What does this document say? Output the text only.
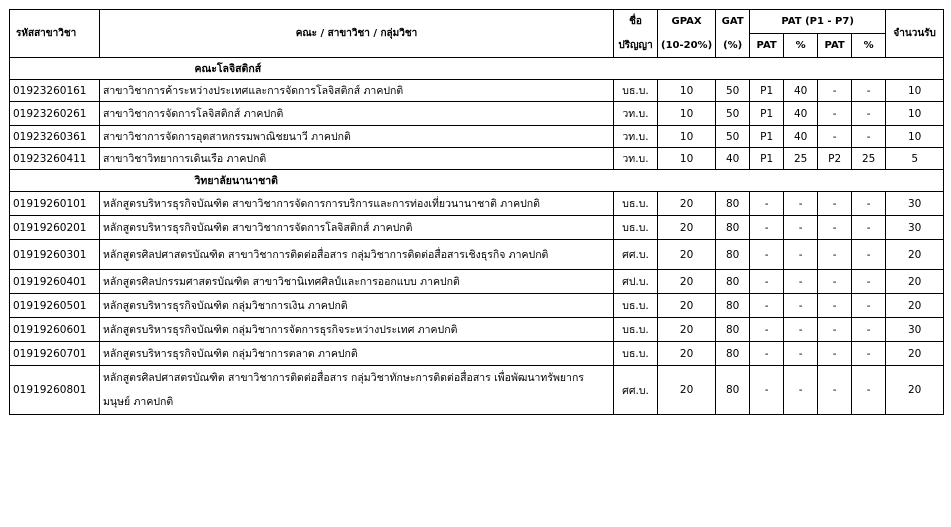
รหัสสาขาวิชา	คณะ / สาขาวิชา / กลุ่มวิชา	ชื่อ	GPAX	GAT	PAT (P1 - P7)				จำนวนรับ
		ปริญญา	(10-20%)	(%)	PAT	%	PAT	%	
	คณะโลจิสติกส์								
01923260161	สาขาวิชาการค้าระหว่างประเทศและการจัดการโลจิสติกส์ ภาคปกติ	บธ.บ.	10	50	P1	40	-	-	10
01923260261	สาขาวิชาการจัดการโลจิสติกส์ ภาคปกติ	วท.บ.	10	50	P1	40	-	-	10
01923260361	สาขาวิชาการจัดการอุตสาหกรรมพาณิชยนาวี ภาคปกติ	วท.บ.	10	50	P1	40	-	-	10
01923260411	สาขาวิชาวิทยาการเดินเรือ ภาคปกติ	วท.บ.	10	40	P1	25	P2	25	5
	วิทยาลัยนานาชาติ								
01919260101	หลักสูตรบริหารธุรกิจบัณฑิต สาขาวิชาการจัดการการบริการและการท่องเที่ยวนานาชาติ ภาคปกติ	บธ.บ.	20	80	-	-	-	-	30
01919260201	หลักสูตรบริหารธุรกิจบัณฑิต สาขาวิชาการจัดการโลจิสติกส์ ภาคปกติ	บธ.บ.	20	80	-	-	-	-	30
01919260301	หลักสูตรศิลปศาสตรบัณฑิต สาขาวิชาการติดต่อสื่อสาร กลุ่มวิชาการติดต่อสื่อสารเชิงธุรกิจ ภาคปกติ	ศศ.บ.	20	80	-	-	-	-	20
01919260401	หลักสูตรศิลปกรรมศาสตรบัณฑิต สาขาวิชานิเทศศิลป์และการออกแบบ ภาคปกติ	ศป.บ.	20	80	-	-	-	-	20
01919260501	หลักสูตรบริหารธุรกิจบัณฑิต กลุ่มวิชาการเงิน ภาคปกติ	บธ.บ.	20	80	-	-	-	-	20
01919260601	หลักสูตรบริหารธุรกิจบัณฑิต กลุ่มวิชาการจัดการธุรกิจระหว่างประเทศ ภาคปกติ	บธ.บ.	20	80	-	-	-	-	30
01919260701	หลักสูตรบริหารธุรกิจบัณฑิต กลุ่มวิชาการตลาด ภาคปกติ	บธ.บ.	20	80	-	-	-	-	20
01919260801	หลักสูตรศิลปศาสตรบัณฑิต สาขาวิชาการติดต่อสื่อสาร กลุ่มวิชาทักษะการติดต่อสื่อสาร เพื่อพัฒนาทรัพยากรมนุษย์ ภาคปกติ	ศศ.บ.	20	80	-	-	-	-	20
